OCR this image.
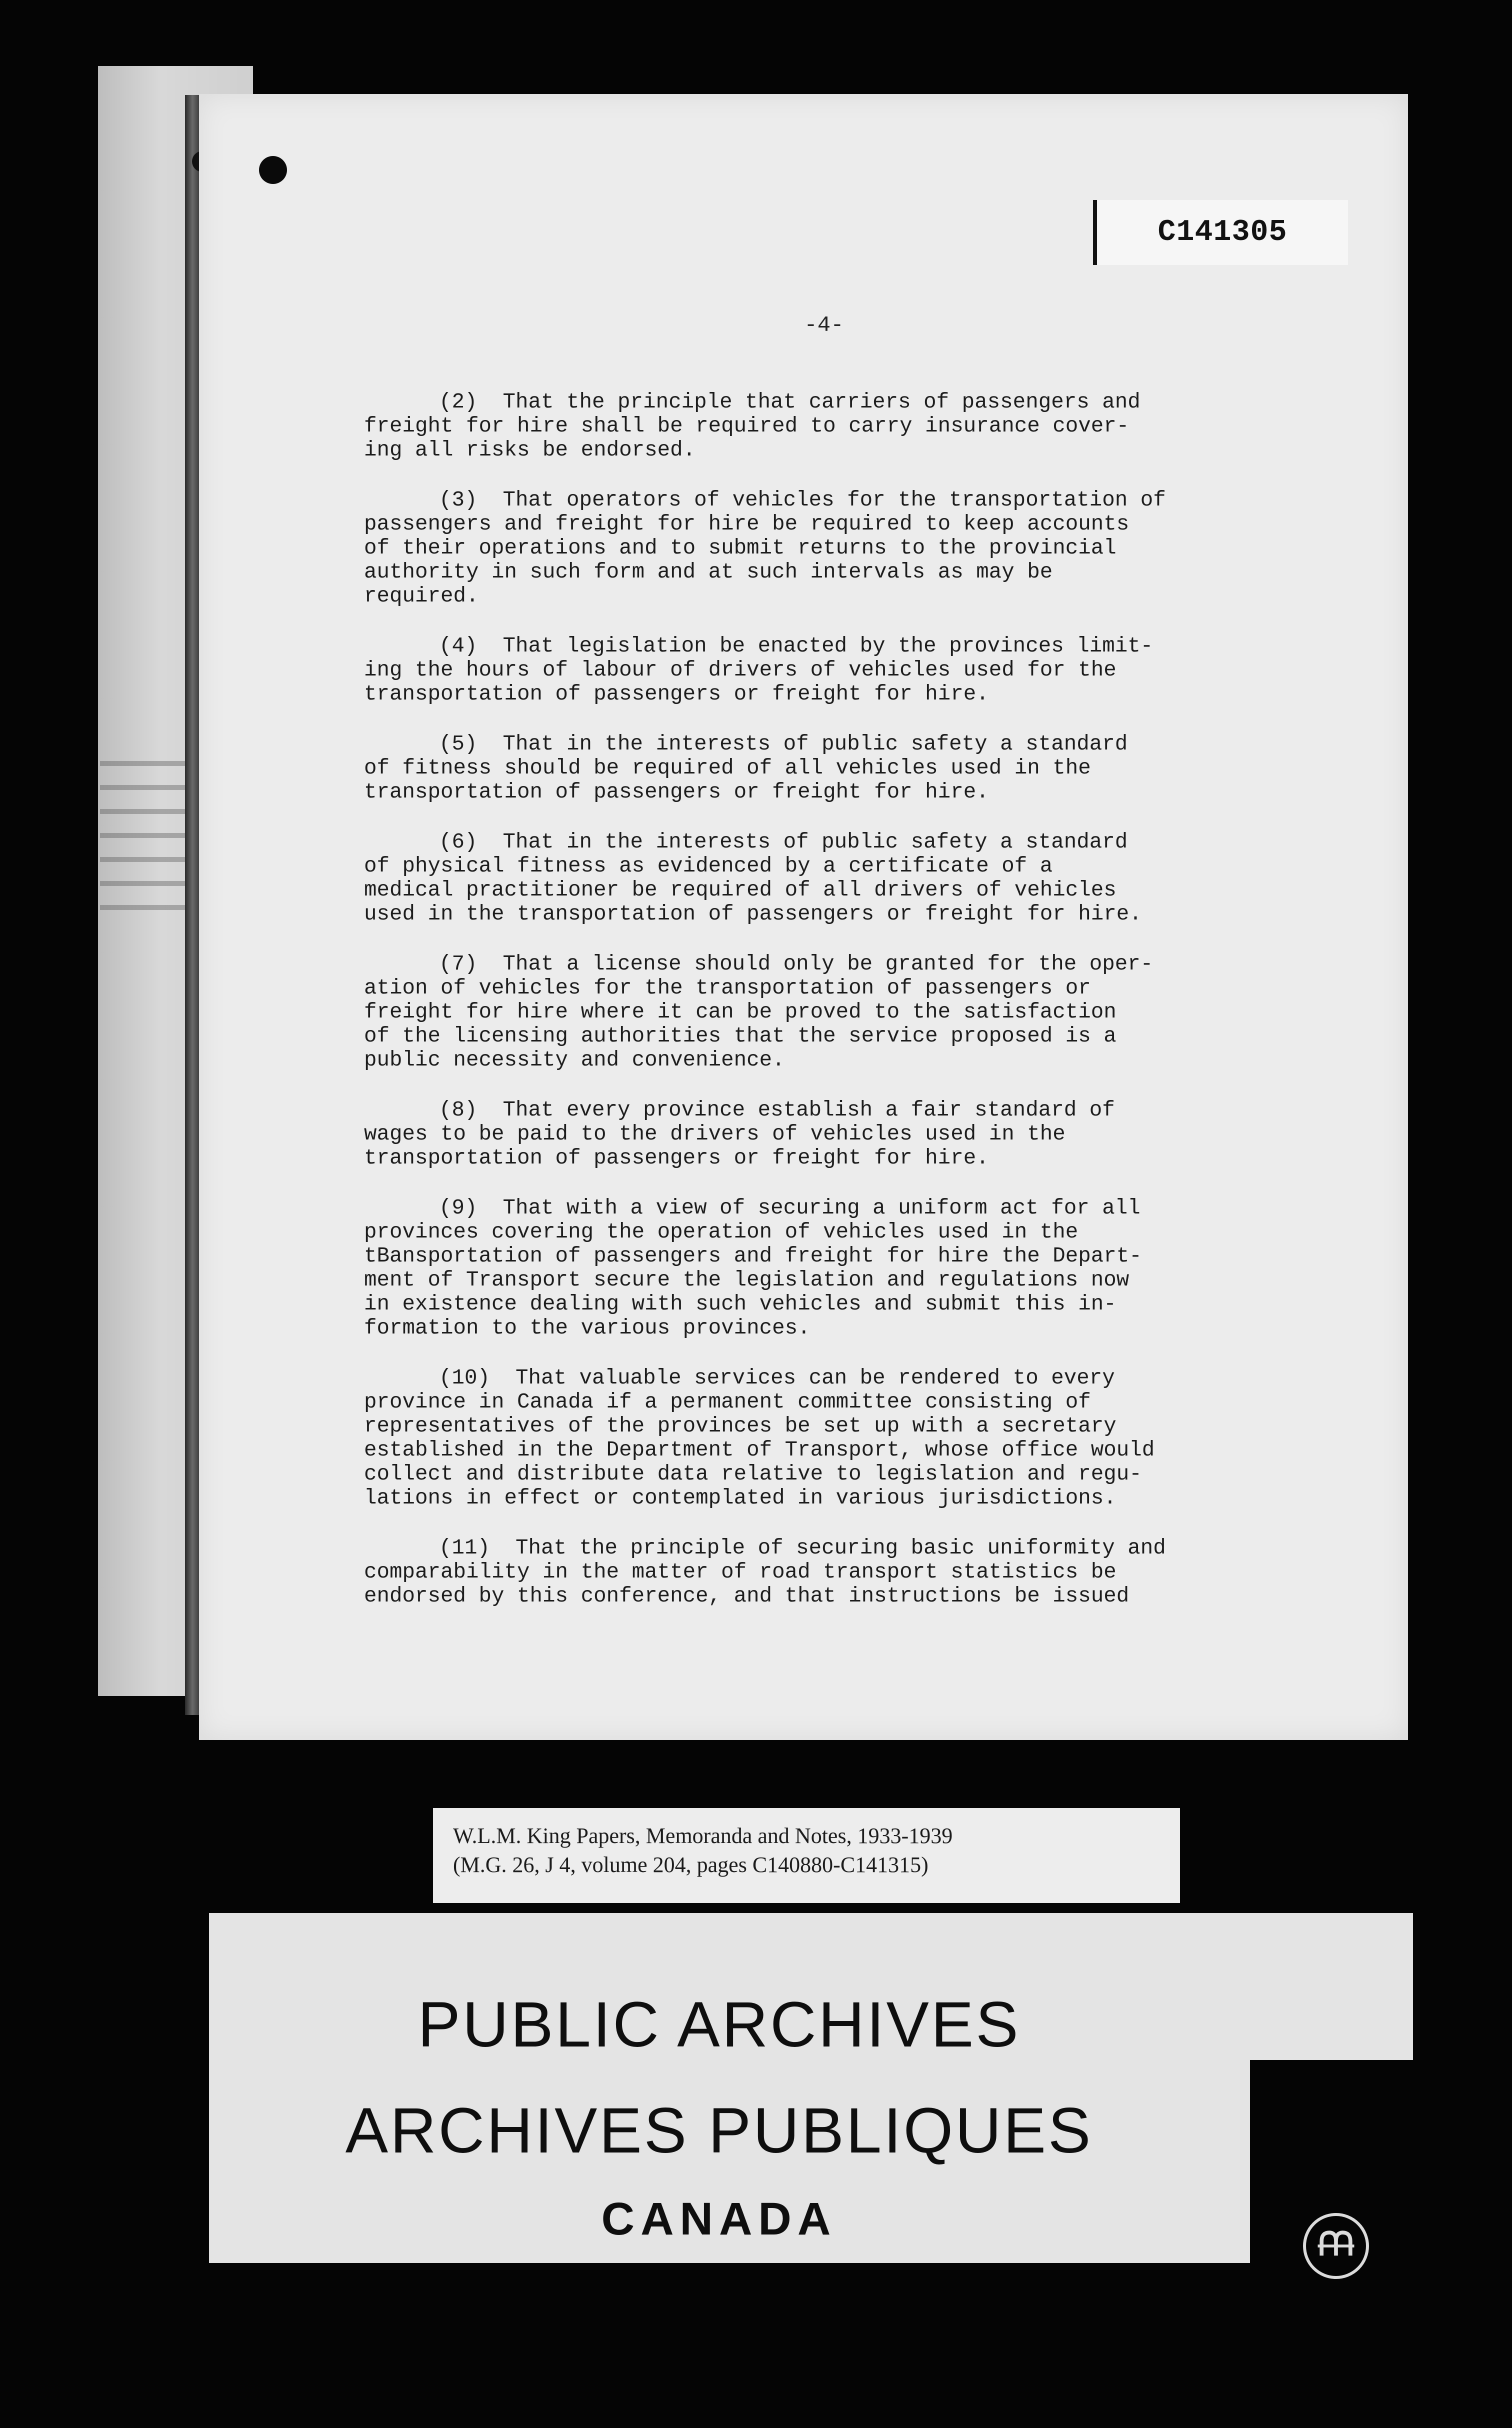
C141305
-4-
(2)  That the principle that carriers of passengers and
freight for hire shall be required to carry insurance cover-
ing all risks be endorsed.
(3)  That operators of vehicles for the transportation of
passengers and freight for hire be required to keep accounts
of their operations and to submit returns to the provincial
authority in such form and at such intervals as may be
required.
(4)  That legislation be enacted by the provinces limit-
ing the hours of labour of drivers of vehicles used for the
transportation of passengers or freight for hire.
(5)  That in the interests of public safety a standard
of fitness should be required of all vehicles used in the
transportation of passengers or freight for hire.
(6)  That in the interests of public safety a standard
of physical fitness as evidenced by a certificate of a
medical practitioner be required of all drivers of vehicles
used in the transportation of passengers or freight for hire.
(7)  That a license should only be granted for the oper-
ation of vehicles for the transportation of passengers or
freight for hire where it can be proved to the satisfaction
of the licensing authorities that the service proposed is a
public necessity and convenience.
(8)  That every province establish a fair standard of
wages to be paid to the drivers of vehicles used in the
transportation of passengers or freight for hire.
(9)  That with a view of securing a uniform act for all
provinces covering the operation of vehicles used in the
tBansportation of passengers and freight for hire the Depart-
ment of Transport secure the legislation and regulations now
in existence dealing with such vehicles and submit this in-
formation to the various provinces.
(10)  That valuable services can be rendered to every
province in Canada if a permanent committee consisting of
representatives of the provinces be set up with a secretary
established in the Department of Transport, whose office would
collect and distribute data relative to legislation and regu-
lations in effect or contemplated in various jurisdictions.
(11)  That the principle of securing basic uniformity and
comparability in the matter of road transport statistics be
endorsed by this conference, and that instructions be issued
W.L.M. King Papers, Memoranda and Notes, 1933-1939
(M.G. 26, J 4, volume 204, pages C140880-C141315)
PUBLIC ARCHIVES
ARCHIVES PUBLIQUES
CANADA
